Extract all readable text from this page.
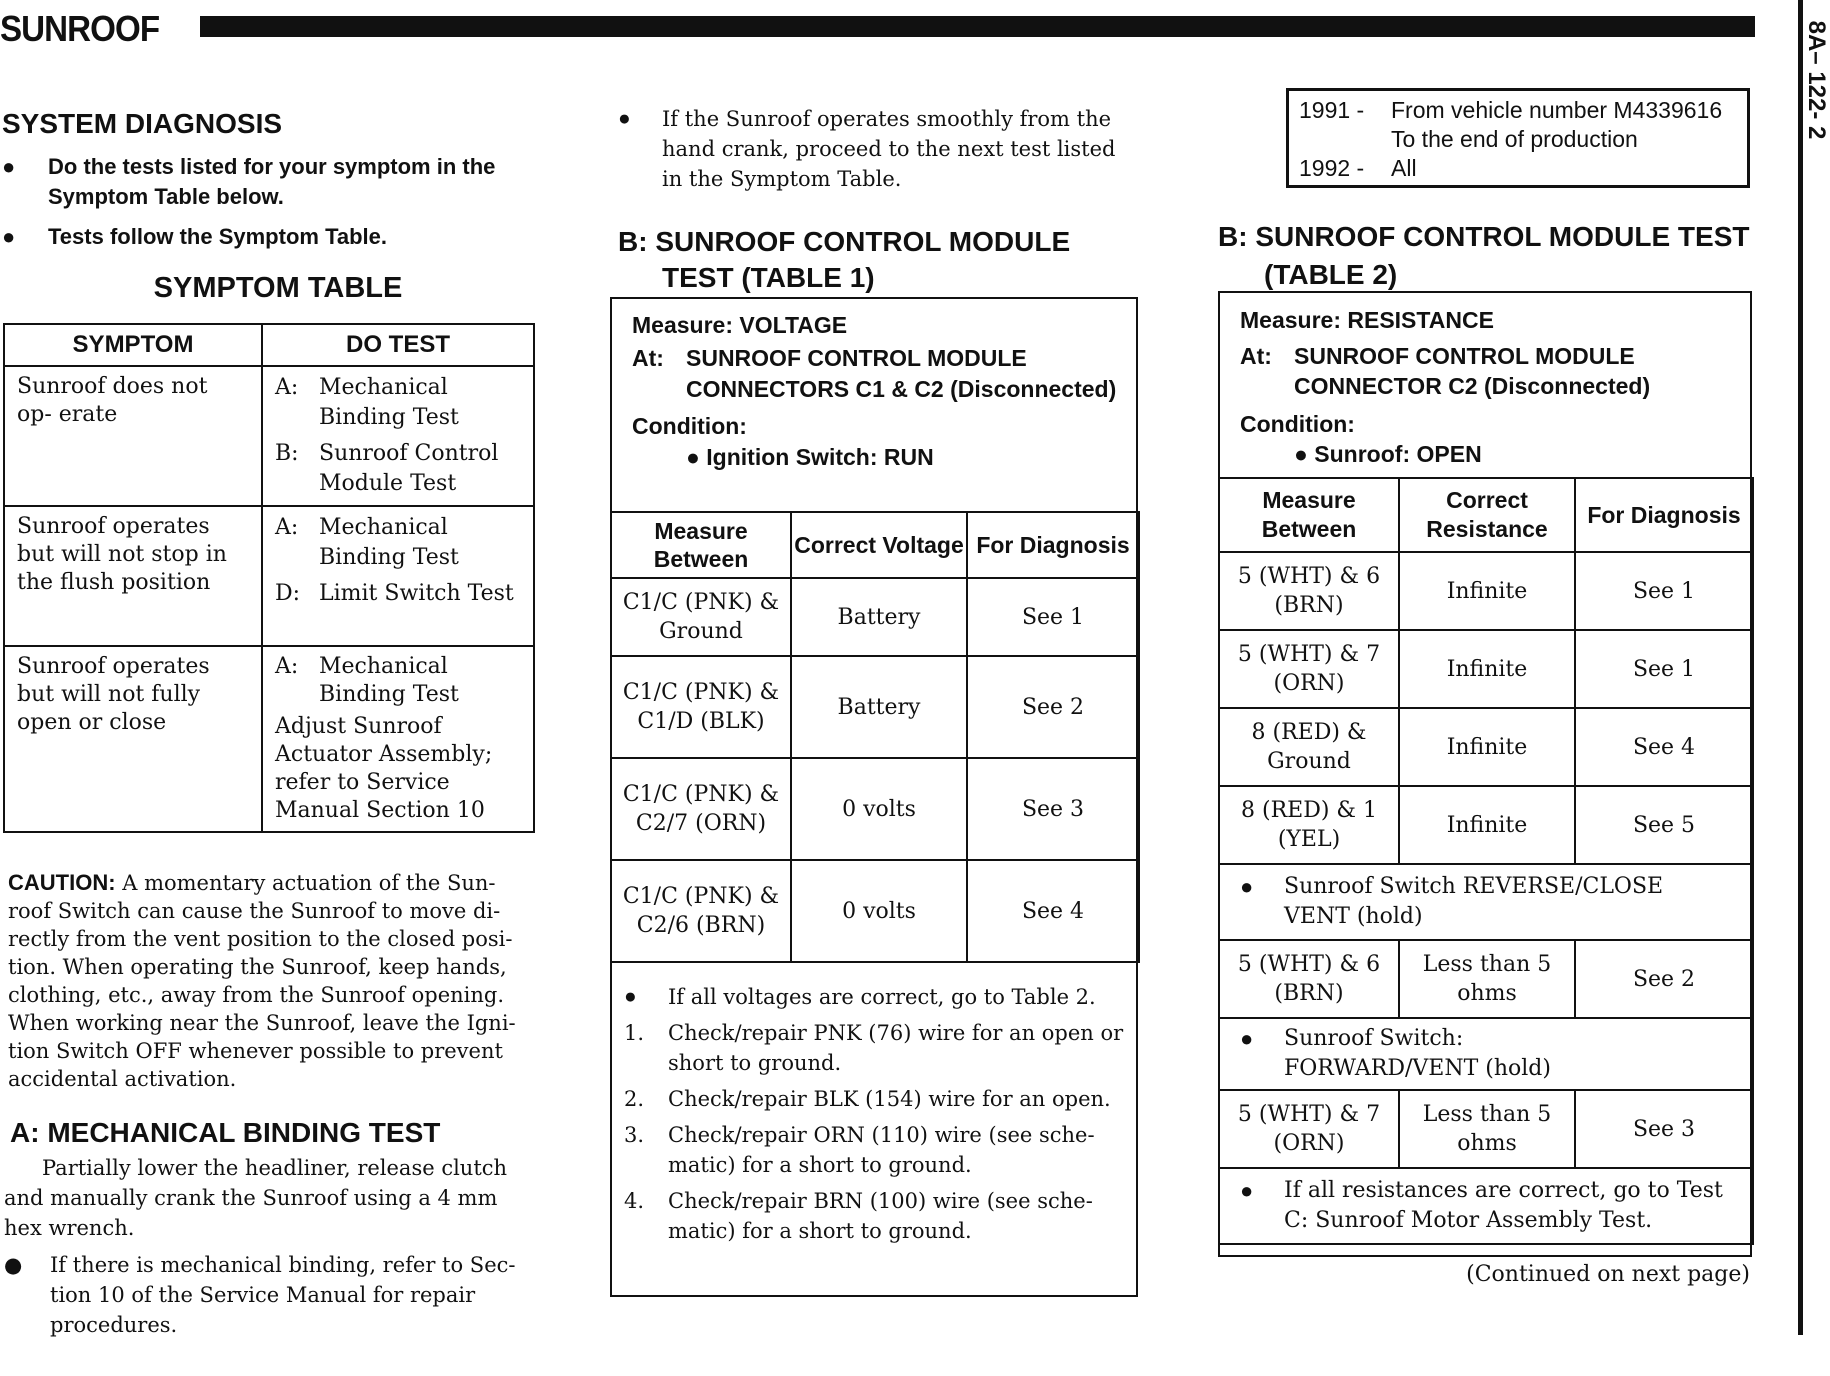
SUNROOF	8A– 122- 2
SYSTEM DIAGNOSIS
● Do the tests listed for your symptom in the Symptom Table below.
● Tests follow the Symptom Table.
SYMPTOM TABLE
SYMPTOM	DO TEST
Sunroof does not op- erate	A: Mechanical Binding Test
B: Sunroof Control Module Test

Sunroof operates but will not stop in the flush position	A: Mechanical Binding Test
D: Limit Switch Test

Sunroof operates but will not fully open or close	A: Mechanical Binding Test
Adjust Sunroof Actuator Assembly; refer to Service Manual Section 10
CAUTION: A momentary actuation of the Sun- roof Switch can cause the Sunroof to move di- rectly from the vent position to the closed posi- tion. When operating the Sunroof, keep hands, clothing, etc., away from the Sunroof opening. When working near the Sunroof, leave the Igni- tion Switch OFF whenever possible to prevent accidental activation.
A: MECHANICAL BINDING TEST
Partially lower the headliner, release clutch and manually crank the Sunroof using a 4 mm hex wrench.
● If there is mechanical binding, refer to Sec- tion 10 of the Service Manual for repair procedures.
● If the Sunroof operates smoothly from the hand crank, proceed to the next test listed in the Symptom Table.
B: SUNROOF CONTROL MODULE
TEST (TABLE 1)
Measure: VOLTAGE
At: SUNROOF CONTROL MODULE CONNECTORS C1 & C2 (Disconnected)
Condition:
● Ignition Switch: RUN
Measure Between	Correct Voltage	For Diagnosis
C1/C (PNK) & Ground	Battery	See 1
C1/C (PNK) & C1/D (BLK)	Battery	See 2
C1/C (PNK) & C2/7 (ORN)	0 volts	See 3
C1/C (PNK) & C2/6 (BRN)	0 volts	See 4
●	If all voltages are correct, go to Table 2.
1.	Check/repair PNK (76) wire for an open or short to ground.
2.	Check/repair BLK (154) wire for an open.
3.	Check/repair ORN (110) wire (see sche- matic) for a short to ground.
4.	Check/repair BRN (100) wire (see sche- matic) for a short to ground.
1991 -	From vehicle number M4339616
To the end of production
1992 -	All
B: SUNROOF CONTROL MODULE TEST
(TABLE 2)
Measure: RESISTANCE
At: SUNROOF CONTROL MODULE CONNECTOR C2 (Disconnected)
Condition:
● Sunroof: OPEN
Measure Between	Correct Resistance	For Diagnosis
5 (WHT) & 6 (BRN)	Infinite	See 1
5 (WHT) & 7 (ORN)	Infinite	See 1
8 (RED) & Ground	Infinite	See 4
8 (RED) & 1 (YEL)	Infinite	See 5

● Sunroof Switch REVERSE/CLOSE VENT (hold)		

5 (WHT) & 6 (BRN)	Less than 5 ohms	See 2

● Sunroof Switch: FORWARD/VENT (hold)		

5 (WHT) & 7 (ORN)	Less than 5 ohms	See 3

● If all resistances are correct, go to Test C: Sunroof Motor Assembly Test.		
(Continued on next page)
